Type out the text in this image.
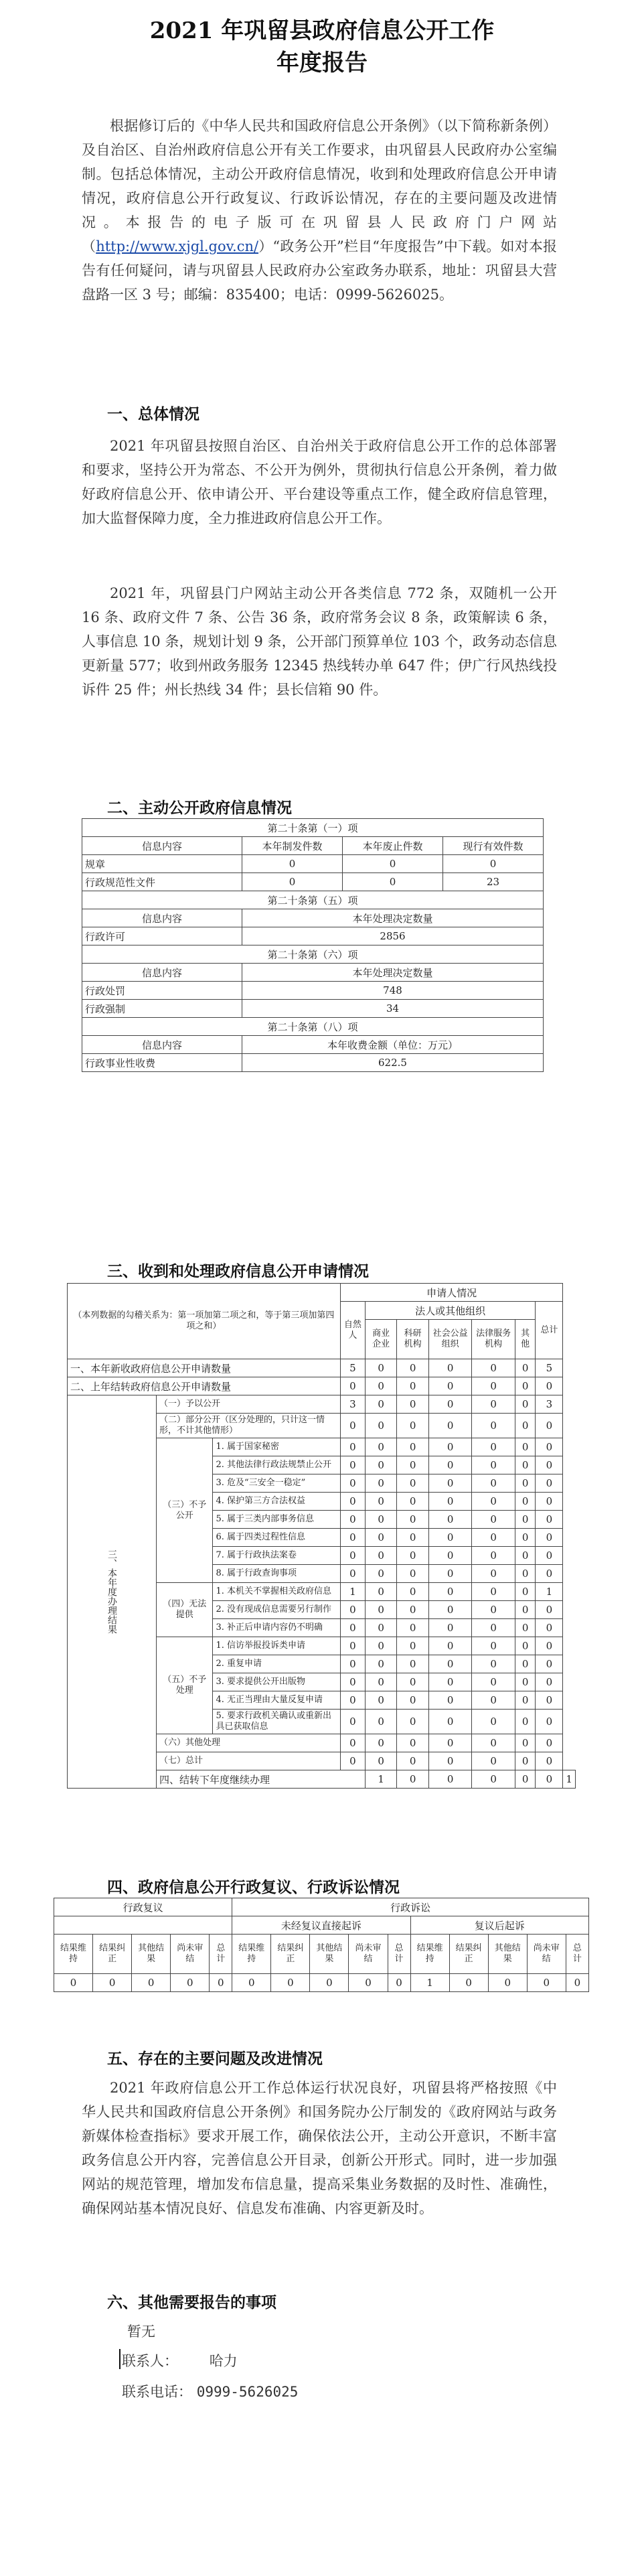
2021 年巩留县政府信息公开工作
年度报告
根据修订后的《中华人民共和国政府信息公开条例》（以下简称新条例）及自治区、自治州政府信息公开有关工作要求，由巩留县人民政府办公室编制。包括总体情况，主动公开政府信息情况，收到和处理政府信息公开申请情况，政府信息公开行政复议、行政诉讼情况，存在的主要问题及改进情况。本报告的电子版可在巩留县人民政府门户网站（http://www.xjgl.gov.cn/）“政务公开”栏目“年度报告”中下载。如对本报告有任何疑问，请与巩留县人民政府办公室政务办联系，地址：巩留县大营盘路一区 3 号；邮编：835400；电话：0999-5626025。
一、总体情况
2021 年巩留县按照自治区、自治州关于政府信息公开工作的总体部署和要求，坚持公开为常态、不公开为例外，贯彻执行信息公开条例，着力做好政府信息公开、依申请公开、平台建设等重点工作，健全政府信息管理，加大监督保障力度，全力推进政府信息公开工作。
2021 年，巩留县门户网站主动公开各类信息 772 条，双随机一公开 16 条、政府文件 7 条、公告 36 条，政府常务会议 8 条，政策解读 6 条，人事信息 10 条，规划计划 9 条，公开部门预算单位 103 个，政务动态信息更新量 577；收到州政务服务 12345 热线转办单 647 件；伊广行风热线投诉件 25 件；州长热线 34 件；县长信箱 90 件。
二、主动公开政府信息情况
第二十条第（一）项			
信息内容	本年制发件数	本年废止件数	现行有效件数
规章	0	0	0
行政规范性文件	0	0	23
第二十条第（五）项			
信息内容	本年处理决定数量		
行政许可	2856		
第二十条第（六）项			
信息内容	本年处理决定数量		
行政处罚	748		
行政强制	34		
第二十条第（八）项			
信息内容	本年收费金额（单位：万元）		
行政事业性收费	622.5		
三、收到和处理政府信息公开申请情况
（本列数据的勾稽关系为：第一项加第二项之和，等于第三项加第四项之和）			申请人情况							
			自然人	法人或其他组织					总计	
				商业企业	科研机构	社会公益组织	法律服务机构	其他		
一、本年新收政府信息公开申请数量			5	0	0	0	0	0	5	
二、上年结转政府信息公开申请数量			0	0	0	0	0	0	0	
三、本年度办理结果	（一）予以公开		3	0	0	0	0	0	3	
	（二）部分公开（区分处理的，只计这一情形，不计其他情形）		0	0	0	0	0	0	0	
	（三）不予公开	1. 属于国家秘密	0	0	0	0	0	0	0	
		2. 其他法律行政法规禁止公开	0	0	0	0	0	0	0	
		3. 危及“三安全一稳定”	0	0	0	0	0	0	0	
		4. 保护第三方合法权益	0	0	0	0	0	0	0	
		5. 属于三类内部事务信息	0	0	0	0	0	0	0	
		6. 属于四类过程性信息	0	0	0	0	0	0	0	
		7. 属于行政执法案卷	0	0	0	0	0	0	0	
		8. 属于行政查询事项	0	0	0	0	0	0	0	
	（四）无法提供	1. 本机关不掌握相关政府信息	1	0	0	0	0	0	1	
		2. 没有现成信息需要另行制作	0	0	0	0	0	0	0	
		3. 补正后申请内容仍不明确	0	0	0	0	0	0	0	
	（五）不予处理	1. 信访举报投诉类申请	0	0	0	0	0	0	0	
		2. 重复申请	0	0	0	0	0	0	0	
		3. 要求提供公开出版物	0	0	0	0	0	0	0	
		4. 无正当理由大量反复申请	0	0	0	0	0	0	0	
		5. 要求行政机关确认或重新出具已获取信息	0	0	0	0	0	0	0	
	（六）其他处理		0	0	0	0	0	0	0	
	（七）总计		0	0	0	0	0	0	0	
	四、结转下年度继续办理			1	0	0	0	0	0	1
四、政府信息公开行政复议、行政诉讼情况
行政复议					行政诉讼									
					未经复议直接起诉					复议后起诉				
结果维持	结果纠正	其他结果	尚未审结	总计	结果维持	结果纠正	其他结果	尚未审结	总计	结果维持	结果纠正	其他结果	尚未审结	总计
0	0	0	0	0	0	0	0	0	0	1	0	0	0	0
五、存在的主要问题及改进情况
2021 年政府信息公开工作总体运行状况良好，巩留县将严格按照《中华人民共和国政府信息公开条例》和国务院办公厅制发的《政府网站与政务新媒体检查指标》要求开展工作，确保依法公开，主动公开意识，不断丰富政务信息公开内容，完善信息公开目录，创新公开形式。同时，进一步加强网站的规范管理，增加发布信息量，提高采集业务数据的及时性、准确性，确保网站基本情况良好、信息发布准确、内容更新及时。
六、其他需要报告的事项
暂无
联系人： 哈力
联系电话： 0999-5626025
